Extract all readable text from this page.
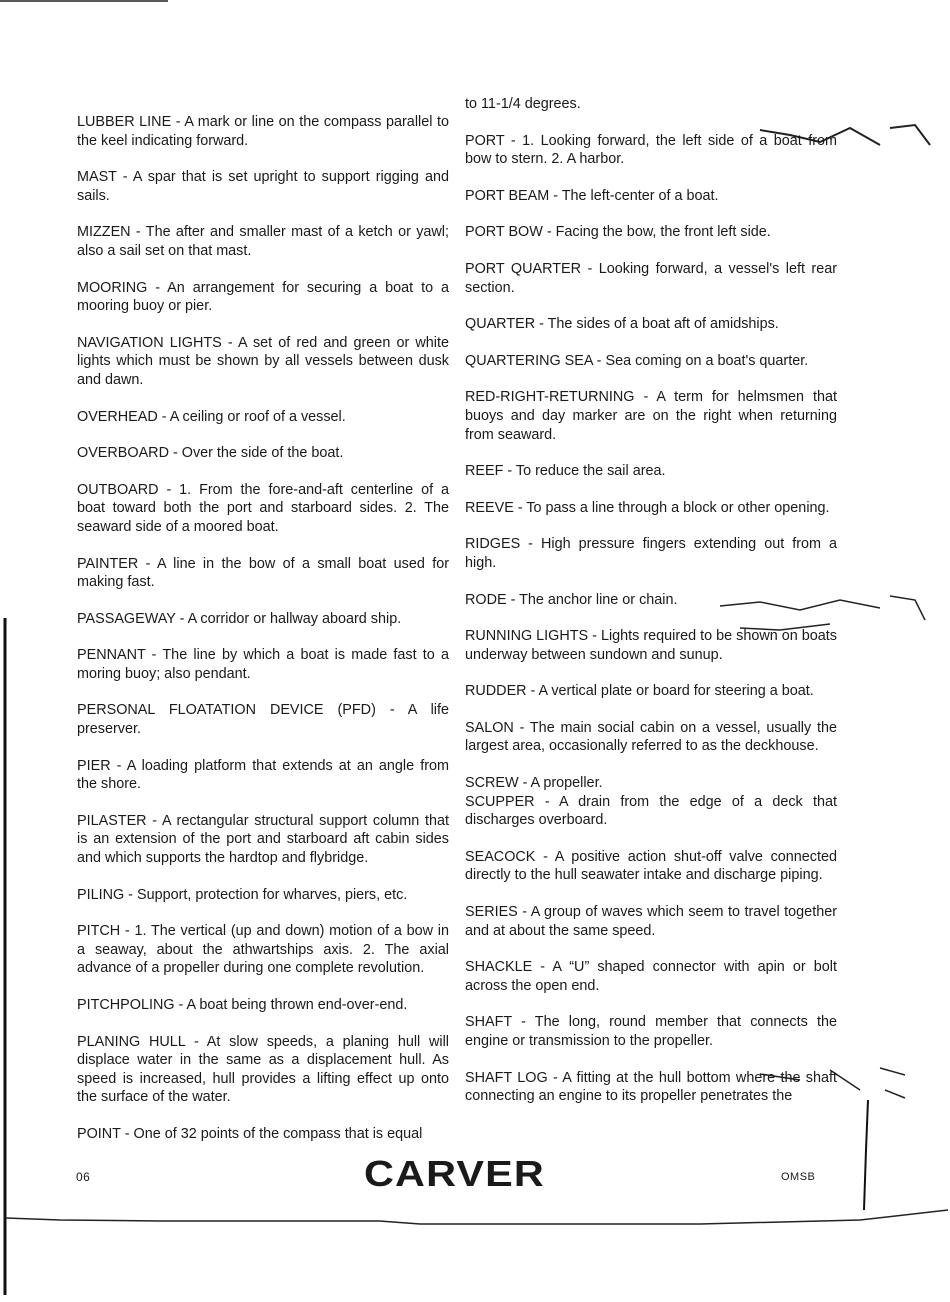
LUBBER LINE - A mark or line on the compass parallel to the keel indicating forward.

MAST - A spar that is set upright to support rigging and sails.

MIZZEN - The after and smaller mast of a ketch or yawl; also a sail set on that mast.

MOORING - An arrangement for securing a boat to a mooring buoy or pier.

NAVIGATION LIGHTS - A set of red and green or white lights which must be shown by all vessels between dusk and dawn.

OVERHEAD - A ceiling or roof of a vessel.

OVERBOARD - Over the side of the boat.

OUTBOARD - 1. From the fore-and-aft centerline of a boat toward both the port and starboard sides. 2. The seaward side of a moored boat.

PAINTER - A line in the bow of a small boat used for making fast.

PASSAGEWAY - A corridor or hallway aboard ship.

PENNANT - The line by which a boat is made fast to a moring buoy; also pendant.

PERSONAL FLOATATION DEVICE (PFD) - A life preserver.

PIER - A loading platform that extends at an angle from the shore.

PILASTER - A rectangular structural support column that is an extension of the port and starboard aft cabin sides and which supports the hardtop and flybridge.

PILING - Support, protection for wharves, piers, etc.

PITCH - 1. The vertical (up and down) motion of a bow in a seaway, about the athwartships axis. 2. The axial advance of a propeller during one complete revolution.

PITCHPOLING - A boat being thrown end-over-end.

PLANING HULL - At slow speeds, a planing hull will displace water in the same as a displacement hull. As speed is increased, hull provides a lifting effect up onto the surface of the water.

POINT - One of 32 points of the compass that is equal

to 11-1/4 degrees.

PORT - 1. Looking forward, the left side of a boat from bow to stern. 2. A harbor.

PORT BEAM - The left-center of a boat.

PORT BOW - Facing the bow, the front left side.

PORT QUARTER - Looking forward, a vessel's left rear section.

QUARTER - The sides of a boat aft of amidships.

QUARTERING SEA - Sea coming on a boat's quarter.

RED-RIGHT-RETURNING - A term for helmsmen that buoys and day marker are on the right when returning from seaward.

REEF - To reduce the sail area.

REEVE - To pass a line through a block or other opening.

RIDGES - High pressure fingers extending out from a high.

RODE - The anchor line or chain.

RUNNING LIGHTS - Lights required to be shown on boats underway between sundown and sunup.

RUDDER - A vertical plate or board for steering a boat.

SALON - The main social cabin on a vessel, usually the largest area, occasionally referred to as the deckhouse.

SCREW - A propeller.

SCUPPER - A drain from the edge of a deck that discharges overboard.

SEACOCK - A positive action shut-off valve connected directly to the hull seawater intake and discharge piping.

SERIES - A group of waves which seem to travel together and at about the same speed.

SHACKLE - A “U” shaped connector with apin or bolt across the open end.

SHAFT - The long, round member that connects the engine or transmission to the propeller.

SHAFT LOG - A fitting at the hull bottom where the shaft connecting an engine to its propeller penetrates the

06	CARVER	OMSB
